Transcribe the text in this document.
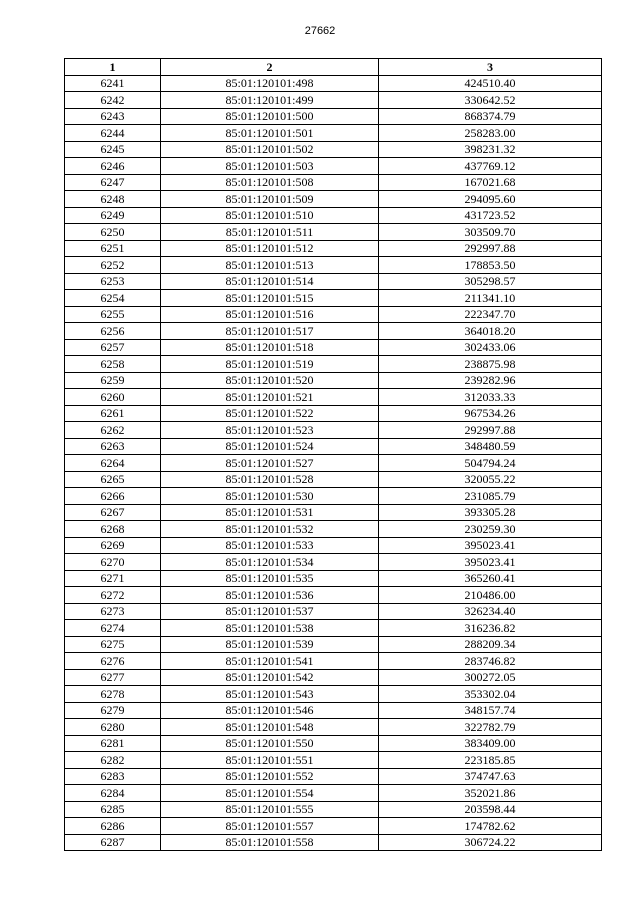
27662
1	2	3
6241	85:01:120101:498	424510.40
6242	85:01:120101:499	330642.52
6243	85:01:120101:500	868374.79
6244	85:01:120101:501	258283.00
6245	85:01:120101:502	398231.32
6246	85:01:120101:503	437769.12
6247	85:01:120101:508	167021.68
6248	85:01:120101:509	294095.60
6249	85:01:120101:510	431723.52
6250	85:01:120101:511	303509.70
6251	85:01:120101:512	292997.88
6252	85:01:120101:513	178853.50
6253	85:01:120101:514	305298.57
6254	85:01:120101:515	211341.10
6255	85:01:120101:516	222347.70
6256	85:01:120101:517	364018.20
6257	85:01:120101:518	302433.06
6258	85:01:120101:519	238875.98
6259	85:01:120101:520	239282.96
6260	85:01:120101:521	312033.33
6261	85:01:120101:522	967534.26
6262	85:01:120101:523	292997.88
6263	85:01:120101:524	348480.59
6264	85:01:120101:527	504794.24
6265	85:01:120101:528	320055.22
6266	85:01:120101:530	231085.79
6267	85:01:120101:531	393305.28
6268	85:01:120101:532	230259.30
6269	85:01:120101:533	395023.41
6270	85:01:120101:534	395023.41
6271	85:01:120101:535	365260.41
6272	85:01:120101:536	210486.00
6273	85:01:120101:537	326234.40
6274	85:01:120101:538	316236.82
6275	85:01:120101:539	288209.34
6276	85:01:120101:541	283746.82
6277	85:01:120101:542	300272.05
6278	85:01:120101:543	353302.04
6279	85:01:120101:546	348157.74
6280	85:01:120101:548	322782.79
6281	85:01:120101:550	383409.00
6282	85:01:120101:551	223185.85
6283	85:01:120101:552	374747.63
6284	85:01:120101:554	352021.86
6285	85:01:120101:555	203598.44
6286	85:01:120101:557	174782.62
6287	85:01:120101:558	306724.22
